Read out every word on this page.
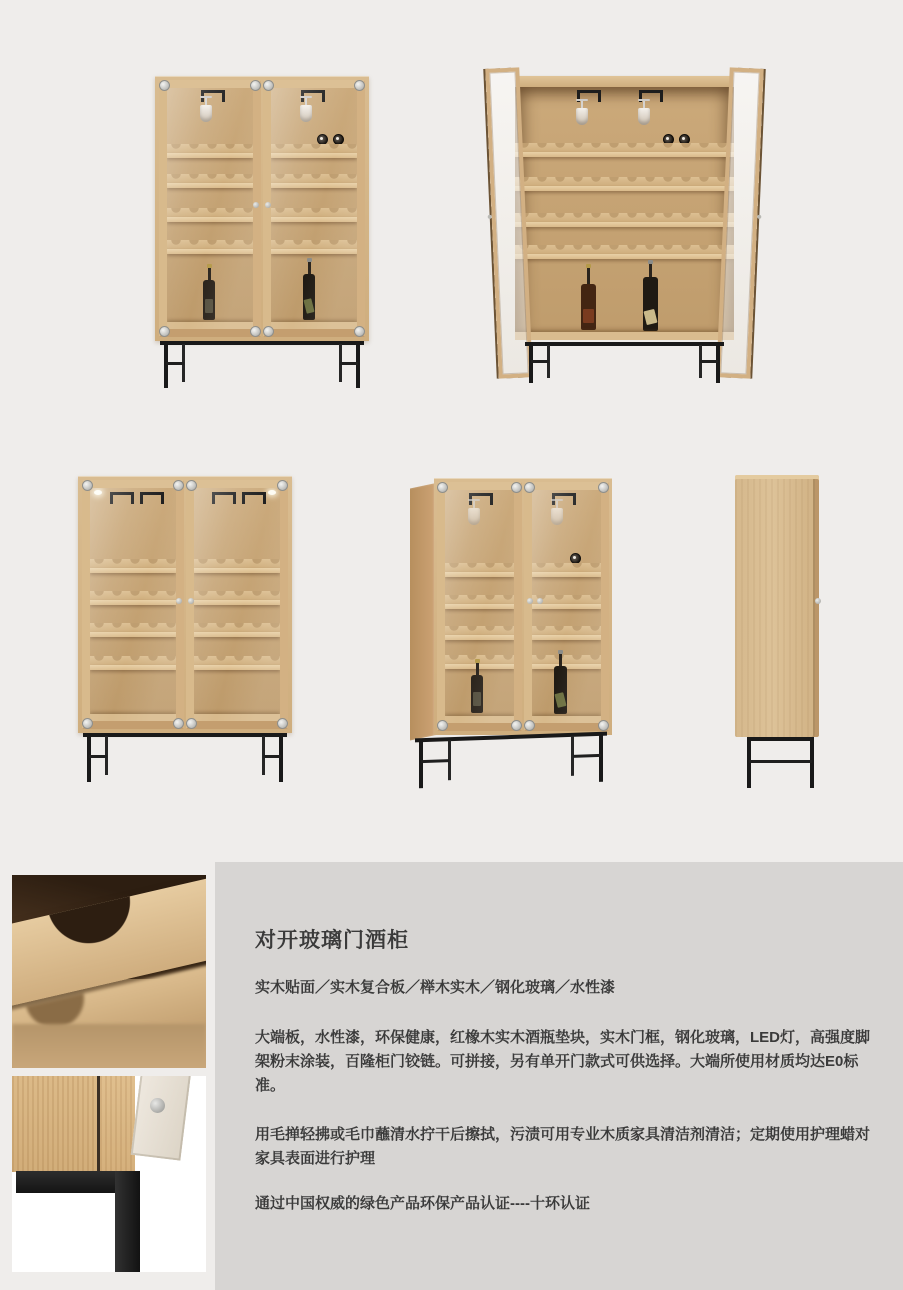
对开玻璃门酒柜
实木贴面／实木复合板／榉木实木／钢化玻璃／水性漆

大端板，水性漆，环保健康，红橡木实木酒瓶垫块，实木门框，钢化玻璃，LED灯，高强度脚架粉末涂装，百隆柜门铰链。可拼接，另有单开门款式可供选择。大端所使用材质均达E0标准。

用毛掸轻拂或毛巾蘸清水拧干后擦拭，污渍可用专业木质家具清洁剂清洁；定期使用护理蜡对家具表面进行护理

通过中国权威的绿色产品环保产品认证----十环认证
